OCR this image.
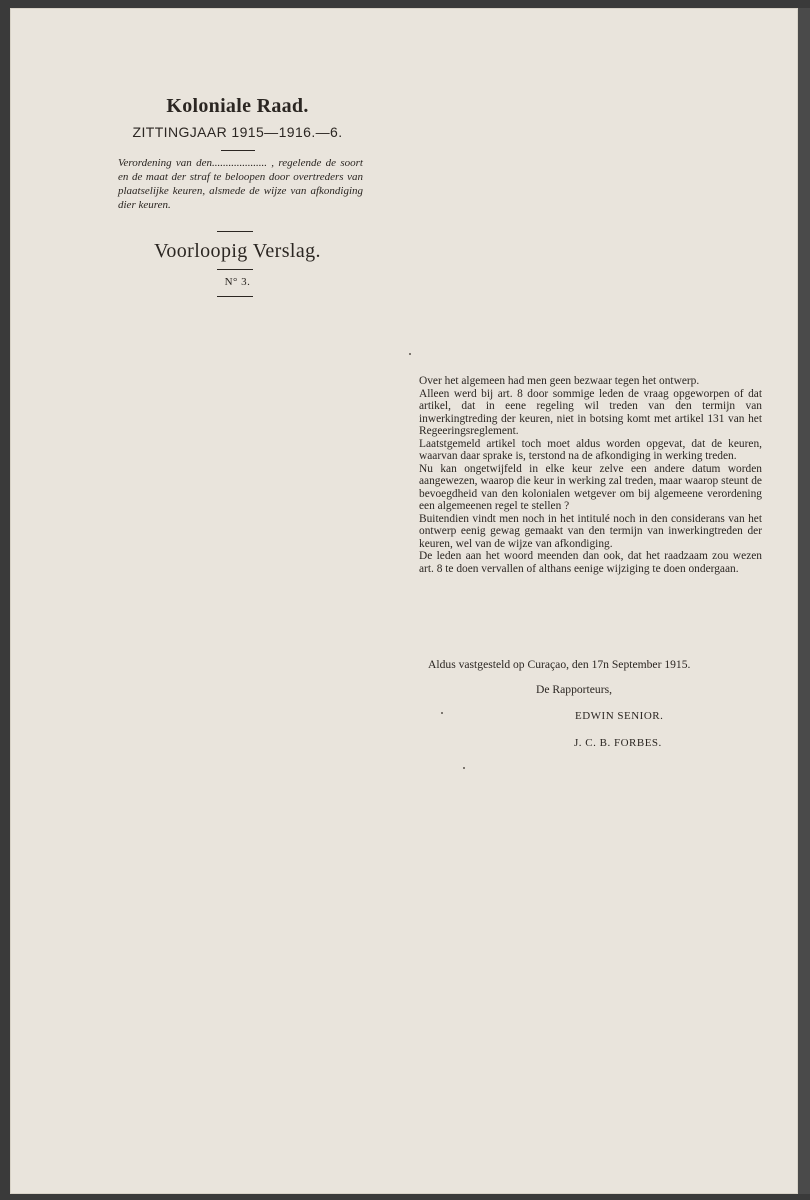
Koloniale Raad.
ZITTINGJAAR 1915—1916.—6.
Verordening van den.................... , regelende de soort en de maat der straf te beloopen door overtreders van plaatselijke keuren, alsmede de wijze van afkondiging dier keuren.
Voorloopig Verslag.
N° 3.

Over het algemeen had men geen bezwaar tegen het ontwerp.

Alleen werd bij art. 8 door sommige leden de vraag opgeworpen of dat artikel, dat in eene regeling wil treden van den termijn van inwerkingtreding der keuren, niet in botsing komt met artikel 131 van het Regeeringsreglement.

Laatstgemeld artikel toch moet aldus worden opgevat, dat de keuren, waarvan daar sprake is, terstond na de afkondiging in werking treden.

Nu kan ongetwijfeld in elke keur zelve een andere datum worden aangewezen, waarop die keur in werking zal treden, maar waarop steunt de bevoegdheid van den kolonialen wetgever om bij algemeene verordening een algemeenen regel te stellen ?

Buitendien vindt men noch in het intitulé noch in den considerans van het ontwerp eenig gewag gemaakt van den termijn van inwerkingtreden der keuren, wel van de wijze van afkondiging.

De leden aan het woord meenden dan ook, dat het raadzaam zou wezen art. 8 te doen vervallen of althans eenige wijziging te doen ondergaan.

Aldus vastgesteld op Curaçao, den 17n September 1915.
De Rapporteurs,
EDWIN SENIOR.
J. C. B. FORBES.
